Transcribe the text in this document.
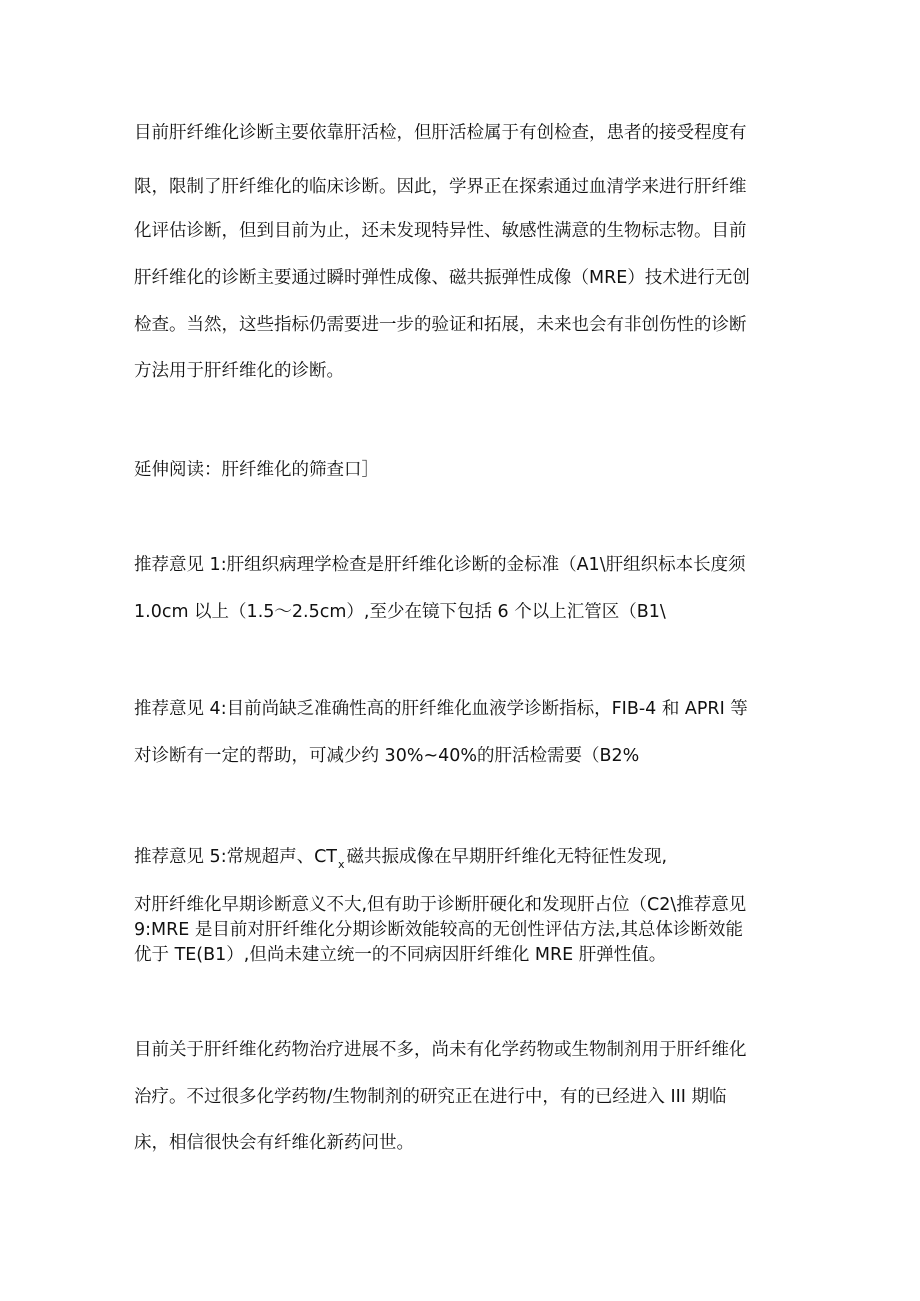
目前肝纤维化诊断主要依靠肝活检，但肝活检属于有创检查，患者的接受程度有
限，限制了肝纤维化的临床诊断。因此，学界正在探索通过血清学来进行肝纤维
化评估诊断，但到目前为止，还未发现特异性、敏感性满意的生物标志物。目前
肝纤维化的诊断主要通过瞬时弹性成像、磁共振弹性成像（MRE）技术进行无创
检查。当然，这些指标仍需要进一步的验证和拓展，未来也会有非创伤性的诊断
方法用于肝纤维化的诊断。
延伸阅读：肝纤维化的筛查口］
推荐意见 1:肝组织病理学检查是肝纤维化诊断的金标准（A1\肝组织标本长度须
1.0cm 以上（1.5～2.5cm）,至少在镜下包括 6 个以上汇管区（B1\
推荐意见 4:目前尚缺乏准确性高的肝纤维化血液学诊断指标，FIB-4 和 APRI 等
对诊断有一定的帮助，可减少约 30%~40%的肝活检需要（B2%
推荐意见 5:常规超声、$CT_x$ 磁共振成像在早期肝纤维化无特征性发现,
对肝纤维化早期诊断意义不大,但有助于诊断肝硬化和发现肝占位（C2\推荐意见
9:MRE 是目前对肝纤维化分期诊断效能较高的无创性评估方法,其总体诊断效能
优于 TE(B1）,但尚未建立统一的不同病因肝纤维化 MRE 肝弹性值。
目前关于肝纤维化药物治疗进展不多，尚未有化学药物或生物制剂用于肝纤维化
治疗。不过很多化学药物/生物制剂的研究正在进行中，有的已经进入 III 期临
床，相信很快会有纤维化新药问世。
